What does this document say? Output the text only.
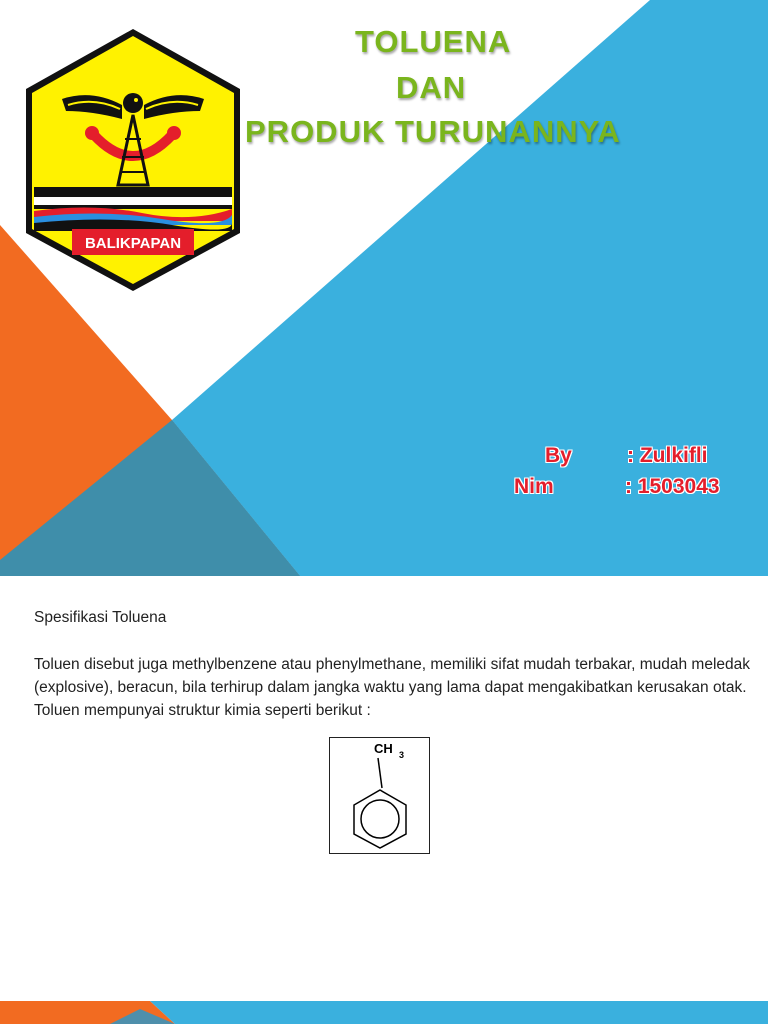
BALIKPAPAN
TOLUENA
DAN
PRODUK TURUNANNYA
By	: Zulkifli
Nim	: 1503043
Spesifikasi Toluena
Toluen disebut juga methylbenzene atau phenylmethane, memiliki sifat mudah terbakar, mudah meledak (explosive), beracun, bila terhirup dalam jangka waktu yang lama dapat mengakibatkan kerusakan otak. Toluen mempunyai struktur kimia seperti berikut :
CH 3
